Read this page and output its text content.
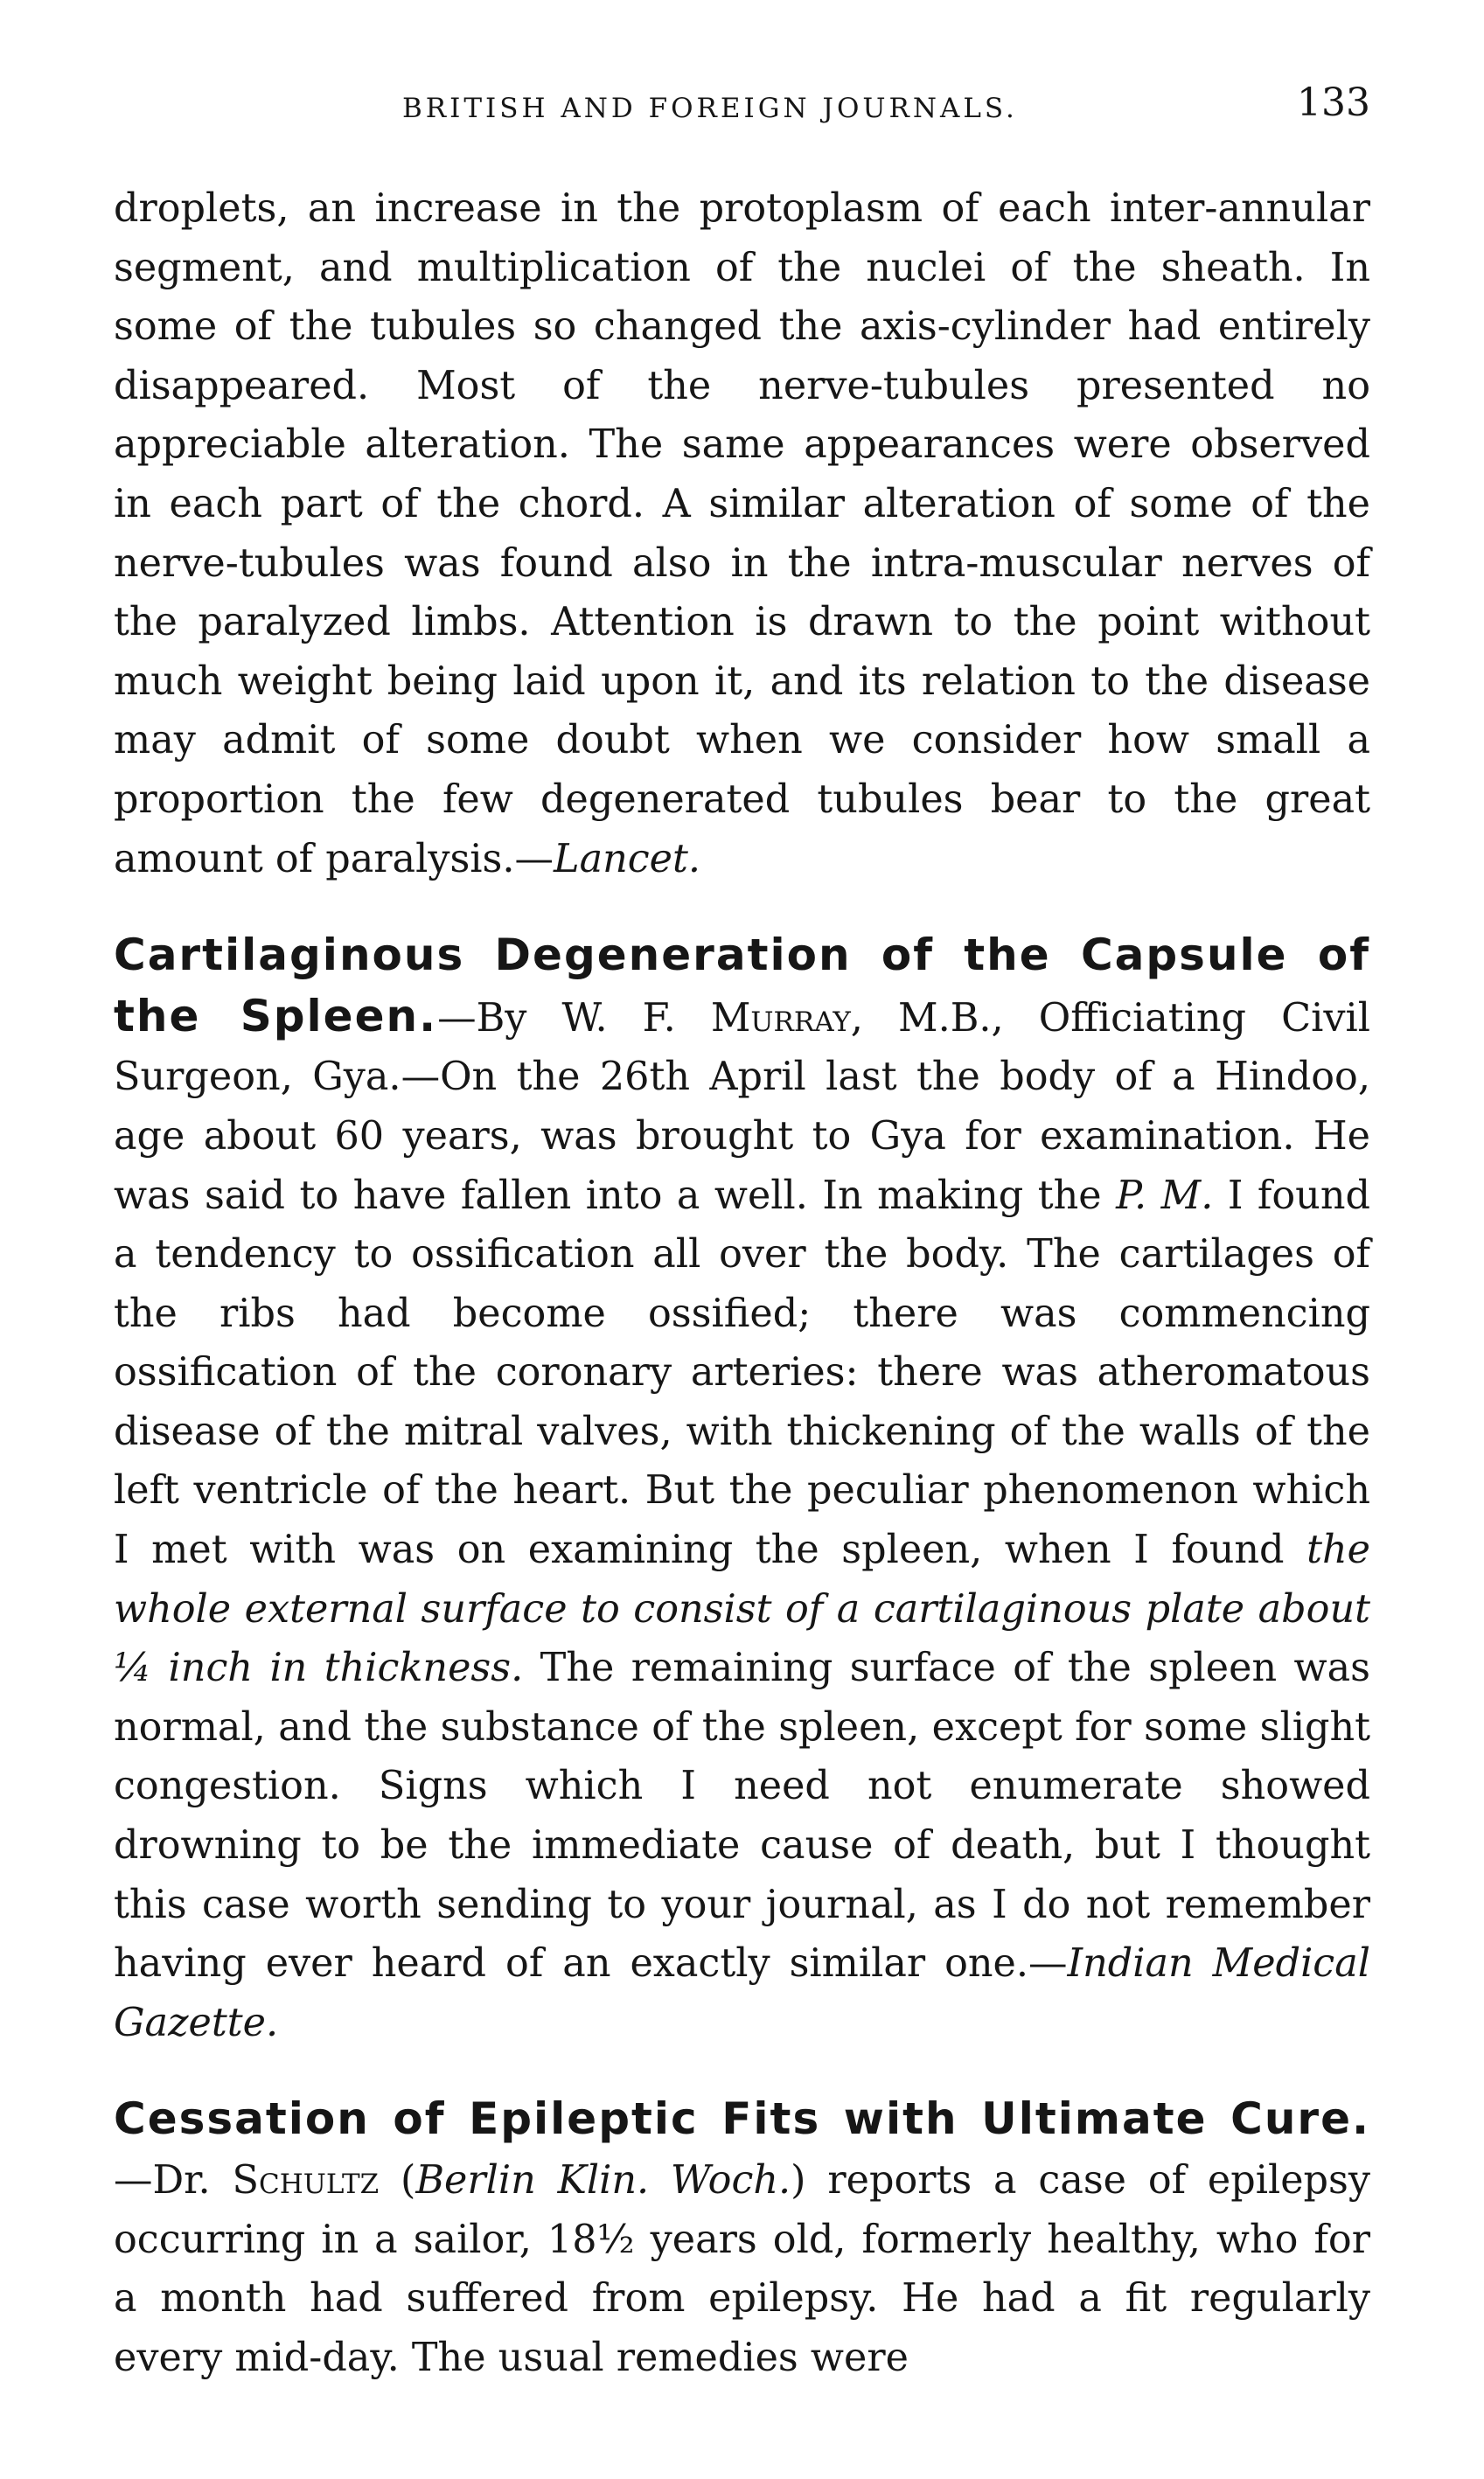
BRITISH AND FOREIGN JOURNALS.	133

droplets, an increase in the protoplasm of each inter-annular segment, and multiplication of the nuclei of the sheath. In some of the tubules so changed the axis-cylinder had entirely disappeared. Most of the nerve-tubules presented no appreciable alteration. The same appearances were observed in each part of the chord. A similar alteration of some of the nerve-tubules was found also in the intra-muscular nerves of the paralyzed limbs. Attention is drawn to the point without much weight being laid upon it, and its relation to the disease may admit of some doubt when we consider how small a proportion the few degenerated tubules bear to the great amount of paralysis.—Lancet.

Cartilaginous Degeneration of the Capsule of the Spleen.—By W. F. Murray, M.B., Officiating Civil Surgeon, Gya.—On the 26th April last the body of a Hindoo, age about 60 years, was brought to Gya for examination. He was said to have fallen into a well. In making the P. M. I found a tendency to ossification all over the body. The cartilages of the ribs had become ossified; there was commencing ossification of the coronary arteries: there was atheromatous disease of the mitral valves, with thickening of the walls of the left ventricle of the heart. But the peculiar phenomenon which I met with was on examining the spleen, when I found the whole external surface to consist of a cartilaginous plate about ¼ inch in thickness. The remaining surface of the spleen was normal, and the substance of the spleen, except for some slight congestion. Signs which I need not enumerate showed drowning to be the immediate cause of death, but I thought this case worth sending to your journal, as I do not remember having ever heard of an exactly similar one.—Indian Medical Gazette.

Cessation of Epileptic Fits with Ultimate Cure.—Dr. Schultz (Berlin Klin. Woch.) reports a case of epilepsy occurring in a sailor, 18½ years old, formerly healthy, who for a month had suffered from epilepsy. He had a fit regularly every mid-day. The usual remedies were
